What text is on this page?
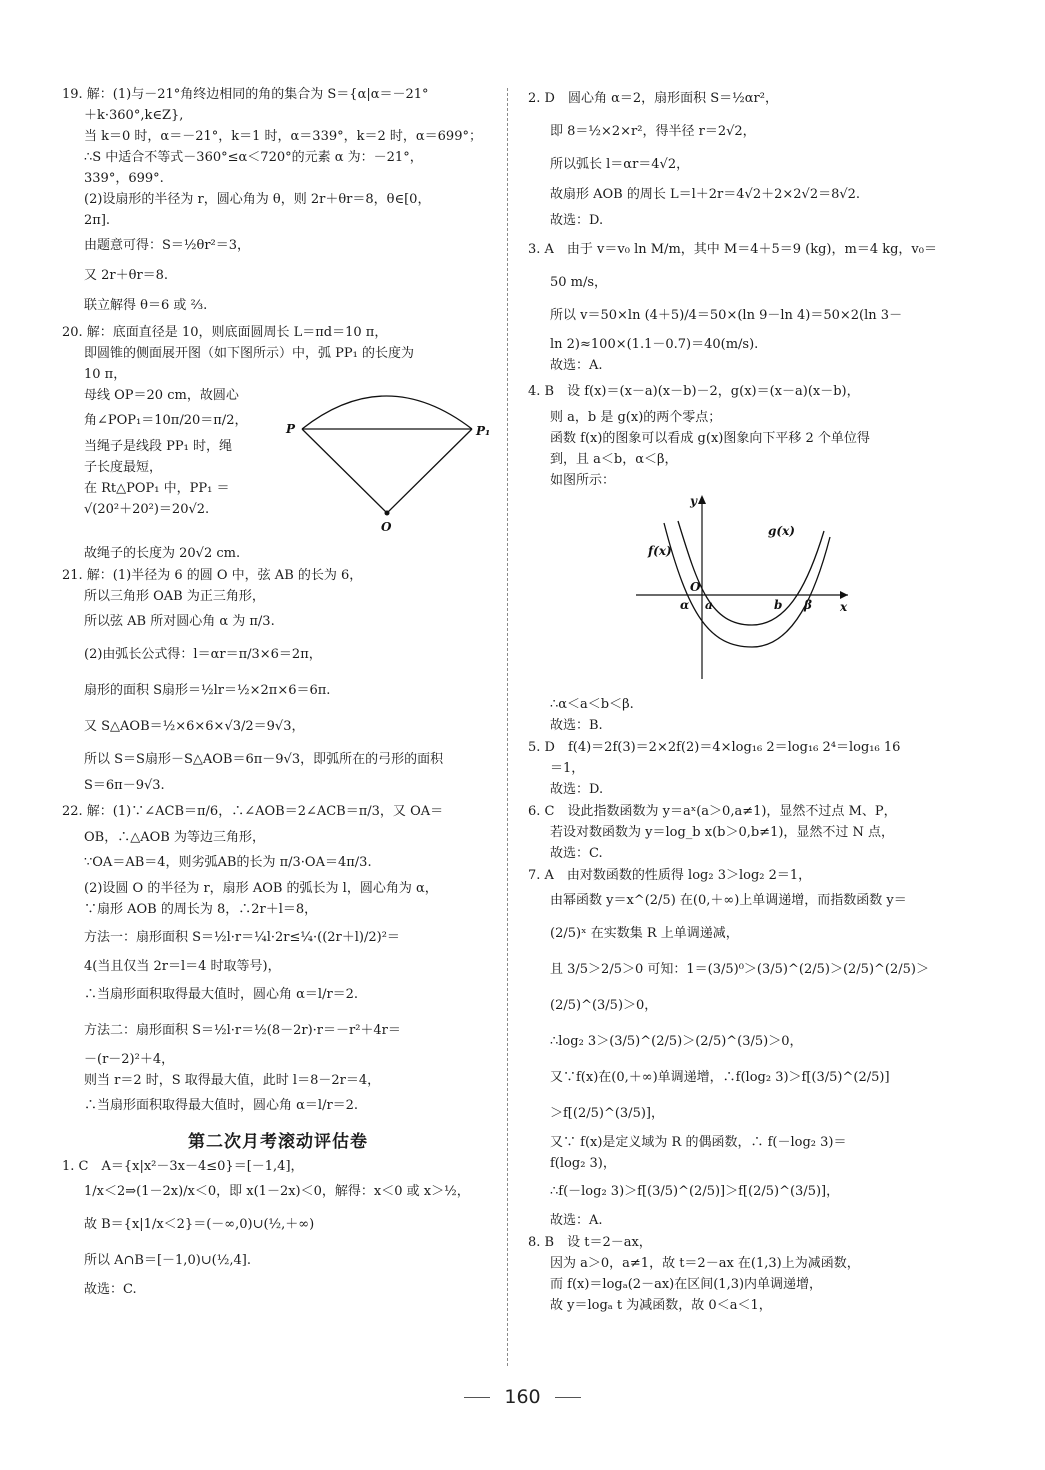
19. 解：(1)与－21°角终边相同的角的集合为 S＝{α|α＝－21°
＋k·360°,k∈Z},
当 k＝0 时，α＝－21°，k＝1 时，α＝339°，k＝2 时，α＝699°；
∴S 中适合不等式－360°≤α＜720°的元素 α 为：－21°，
339°，699°.
(2)设扇形的半径为 r，圆心角为 θ，则 2r＋θr＝8，θ∈[0，
2π].
由题意可得：S＝½θr²＝3，
又 2r＋θr＝8.
联立解得 θ＝6 或 ⅔.
20. 解：底面直径是 10，则底面圆周长 L＝πd＝10 π，
即圆锥的侧面展开图（如下图所示）中，弧 PP₁ 的长度为
10 π，
母线 OP＝20 cm，故圆心
角∠POP₁＝10π/20＝π/2，
当绳子是线段 PP₁ 时，绳
子长度最短，
在 Rt△POP₁ 中，PP₁ ＝
√(20²＋20²)＝20√2.
P	P₁
O
故绳子的长度为 20√2 cm.
21. 解：(1)半径为 6 的圆 O 中，弦 AB 的长为 6，
所以三角形 OAB 为正三角形，
所以弦 AB 所对圆心角 α 为 π/3.
(2)由弧长公式得：l＝αr＝π/3×6＝2π，
扇形的面积 S扇形＝½lr＝½×2π×6＝6π.
又 S△AOB＝½×6×6×√3/2＝9√3，
所以 S＝S扇形－S△AOB＝6π－9√3，即弧所在的弓形的面积
S＝6π－9√3.
22. 解：(1)∵∠ACB＝π/6，∴∠AOB＝2∠ACB＝π/3，又 OA＝
OB，∴△AOB 为等边三角形，
∵OA＝AB＝4，则劣弧AB的长为 π/3·OA＝4π/3.
(2)设圆 O 的半径为 r，扇形 AOB 的弧长为 l，圆心角为 α，
∵扇形 AOB 的周长为 8，∴2r＋l＝8，
方法一：扇形面积 S＝½l·r＝¼l·2r≤¼·((2r＋l)/2)²＝
4(当且仅当 2r＝l＝4 时取等号)，
∴当扇形面积取得最大值时，圆心角 α＝l/r＝2.
方法二：扇形面积 S＝½l·r＝½(8－2r)·r＝－r²＋4r＝
－(r－2)²＋4，
则当 r＝2 时，S 取得最大值，此时 l＝8－2r＝4，
∴当扇形面积取得最大值时，圆心角 α＝l/r＝2.
第二次月考滚动评估卷
1. C　A＝{x|x²－3x－4≤0}＝[－1,4]，
1/x＜2⇒(1－2x)/x＜0，即 x(1－2x)＜0，解得：x＜0 或 x＞½，
故 B＝{x|1/x＜2}＝(－∞,0)∪(½,＋∞)
所以 A∩B＝[－1,0)∪(½,4].
故选：C.
2. D　圆心角 α＝2，扇形面积 S＝½αr²，
即 8＝½×2×r²，得半径 r＝2√2，
所以弧长 l＝αr＝4√2，
故扇形 AOB 的周长 L＝l＋2r＝4√2＋2×2√2＝8√2.
故选：D.
3. A　由于 v＝v₀ ln M/m，其中 M＝4＋5＝9 (kg)，m＝4 kg，v₀＝
50 m/s，
所以 v＝50×ln (4＋5)/4＝50×(ln 9－ln 4)＝50×2(ln 3－
ln 2)≈100×(1.1－0.7)＝40(m/s).
故选：A.
4. B　设 f(x)＝(x－a)(x－b)－2，g(x)＝(x－a)(x－b)，
则 a，b 是 g(x)的两个零点；
函数 f(x)的图象可以看成 g(x)图象向下平移 2 个单位得
到，且 a＜b，α＜β，
如图所示：
y
x
g(x)
f(x)
O
α a	b β
∴α＜a＜b＜β.
故选：B.
5. D　f(4)＝2f(3)＝2×2f(2)＝4×log₁₆ 2＝log₁₆ 2⁴＝log₁₆ 16
＝1，
故选：D.
6. C　设此指数函数为 y＝aˣ(a＞0,a≠1)，显然不过点 M、P，
若设对数函数为 y＝log_b x(b＞0,b≠1)，显然不过 N 点，
故选：C.
7. A　由对数函数的性质得 log₂ 3＞log₂ 2＝1，
由幂函数 y＝x^(2/5) 在(0,＋∞)上单调递增，而指数函数 y＝
(2/5)ˣ 在实数集 R 上单调递减，
且 3/5＞2/5＞0 可知：1＝(3/5)⁰＞(3/5)^(2/5)＞(2/5)^(2/5)＞
(2/5)^(3/5)＞0，
∴log₂ 3＞(3/5)^(2/5)＞(2/5)^(3/5)＞0，
又∵f(x)在(0,＋∞)单调递增，∴f(log₂ 3)＞f[(3/5)^(2/5)]
＞f[(2/5)^(3/5)]，
又∵ f(x)是定义域为 R 的偶函数，∴ f(－log₂ 3)＝
f(log₂ 3)，
∴f(－log₂ 3)＞f[(3/5)^(2/5)]＞f[(2/5)^(3/5)]，
故选：A.
8. B　设 t＝2－ax，
因为 a＞0，a≠1，故 t＝2－ax 在(1,3)上为减函数，
而 f(x)＝logₐ(2－ax)在区间(1,3)内单调递增，
故 y＝logₐ t 为减函数，故 0＜a＜1，
160
